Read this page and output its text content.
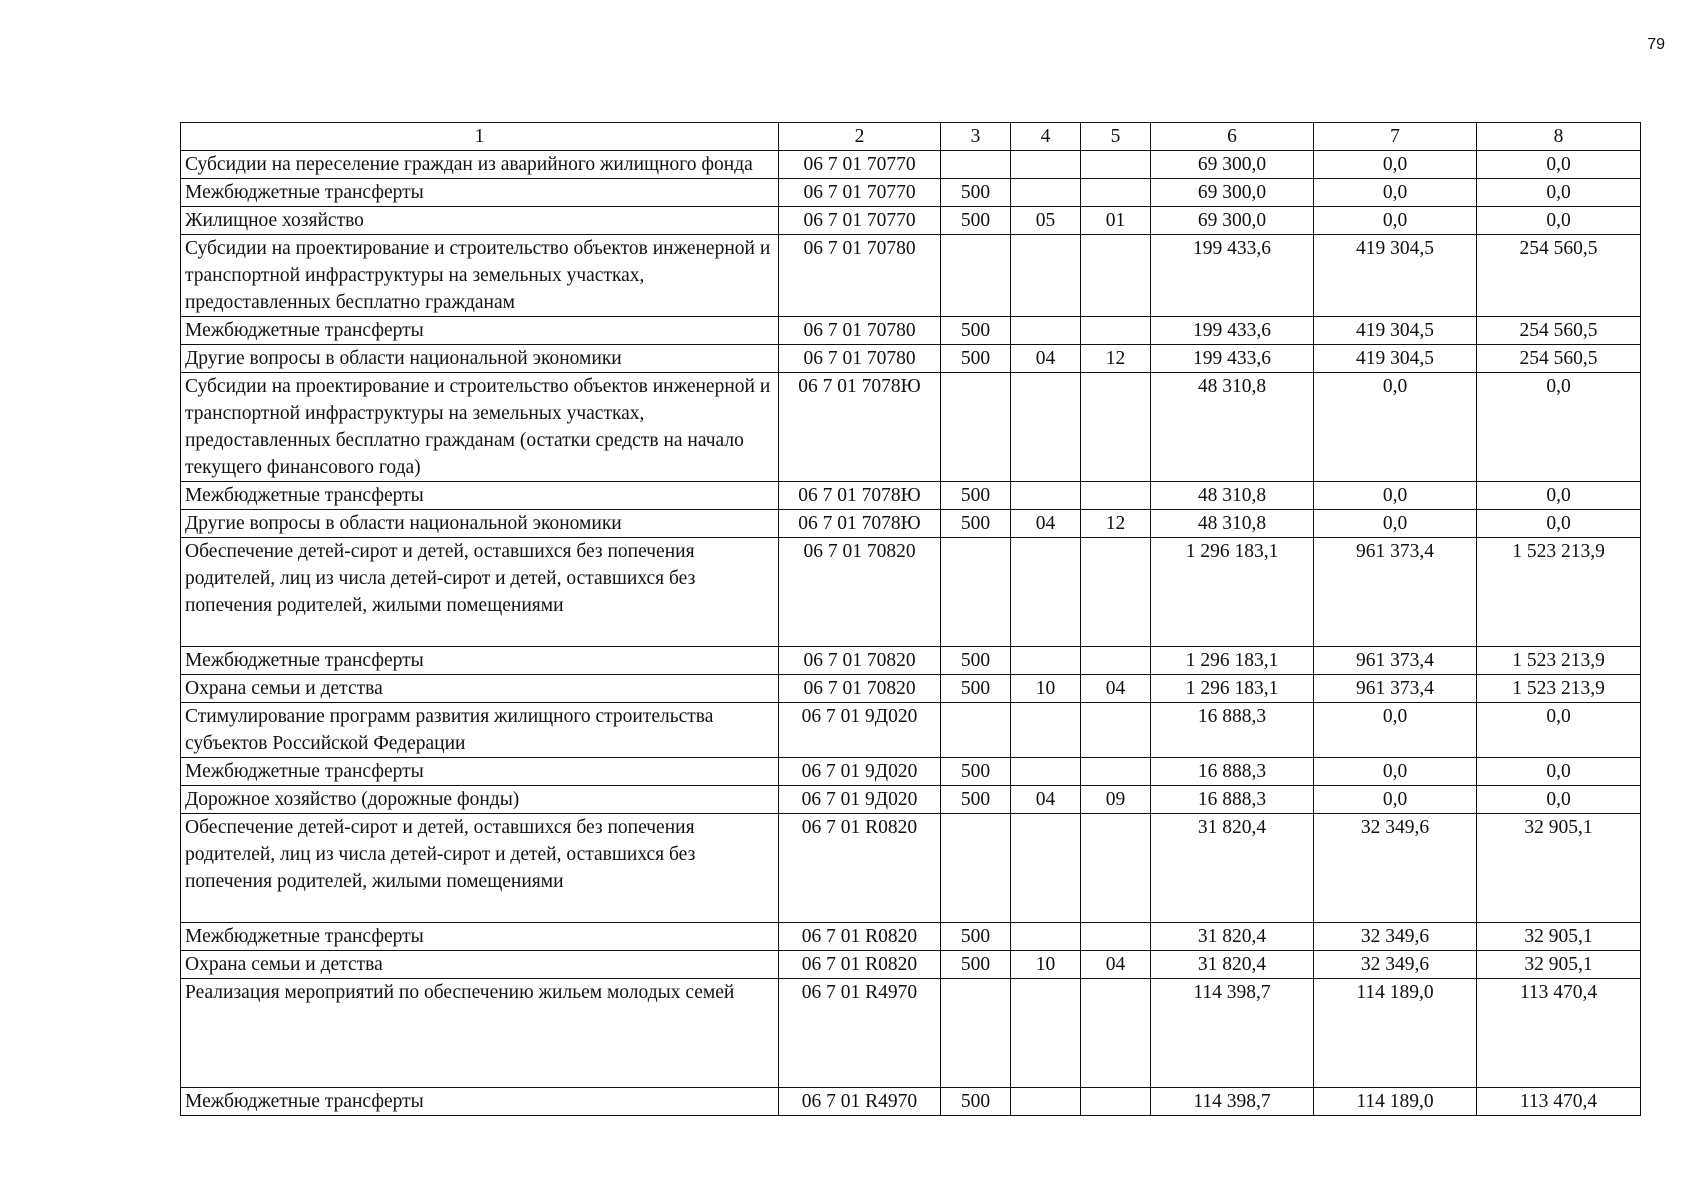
79
1	2	3	4	5	6	7	8
Субсидии на переселение граждан из аварийного жилищного фонда	06 7 01 70770				69 300,0	0,0	0,0
Межбюджетные трансферты	06 7 01 70770	500			69 300,0	0,0	0,0
Жилищное хозяйство	06 7 01 70770	500	05	01	69 300,0	0,0	0,0
Субсидии на проектирование и строительство объектов инженерной и транспортной инфраструктуры на земельных участках, предоставленных бесплатно гражданам	06 7 01 70780				199 433,6	419 304,5	254 560,5
Межбюджетные трансферты	06 7 01 70780	500			199 433,6	419 304,5	254 560,5
Другие вопросы в области национальной экономики	06 7 01 70780	500	04	12	199 433,6	419 304,5	254 560,5
Субсидии на проектирование и строительство объектов инженерной и транспортной инфраструктуры на земельных участках, предоставленных бесплатно гражданам (остатки средств на начало текущего финансового года)	06 7 01 7078Ю				48 310,8	0,0	0,0
Межбюджетные трансферты	06 7 01 7078Ю	500			48 310,8	0,0	0,0
Другие вопросы в области национальной экономики	06 7 01 7078Ю	500	04	12	48 310,8	0,0	0,0
Обеспечение детей-сирот и детей, оставшихся без попечения родителей, лиц из числа детей-сирот и детей, оставшихся без попечения родителей, жилыми помещениями	06 7 01 70820				1 296 183,1	961 373,4	1 523 213,9
Межбюджетные трансферты	06 7 01 70820	500			1 296 183,1	961 373,4	1 523 213,9
Охрана семьи и детства	06 7 01 70820	500	10	04	1 296 183,1	961 373,4	1 523 213,9
Стимулирование программ развития жилищного строительства субъектов Российской Федерации	06 7 01 9Д020				16 888,3	0,0	0,0
Межбюджетные трансферты	06 7 01 9Д020	500			16 888,3	0,0	0,0
Дорожное хозяйство (дорожные фонды)	06 7 01 9Д020	500	04	09	16 888,3	0,0	0,0
Обеспечение детей-сирот и детей, оставшихся без попечения родителей, лиц из числа детей-сирот и детей, оставшихся без попечения родителей, жилыми помещениями	06 7 01 R0820				31 820,4	32 349,6	32 905,1
Межбюджетные трансферты	06 7 01 R0820	500			31 820,4	32 349,6	32 905,1
Охрана семьи и детства	06 7 01 R0820	500	10	04	31 820,4	32 349,6	32 905,1
Реализация мероприятий по обеспечению жильем молодых семей	06 7 01 R4970				114 398,7	114 189,0	113 470,4
Межбюджетные трансферты	06 7 01 R4970	500			114 398,7	114 189,0	113 470,4
